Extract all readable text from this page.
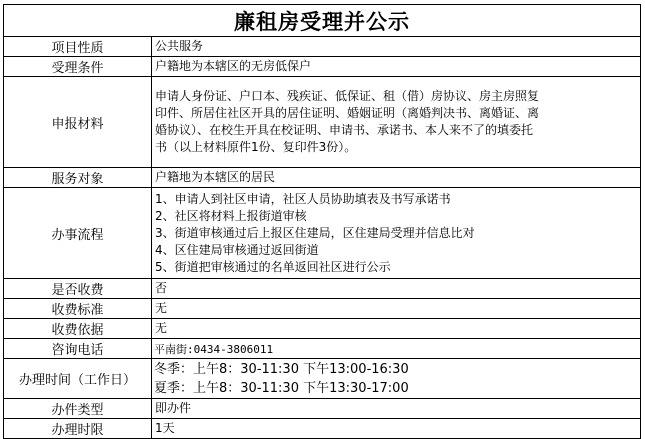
廉租房受理并公示	
项目性质	公共服务
受理条件	户籍地为本辖区的无房低保户
申报材料	申请人身份证、户口本、残疾证、低保证、租（借）房协议、房主房照复
印件、所居住社区开具的居住证明、婚姻证明（离婚判决书、离婚证、离
婚协议）、在校生开具在校证明、申请书、承诺书、本人来不了的填委托
书（以上材料原件1份、复印件3份）。

服务对象	户籍地为本辖区的居民
办事流程	1、申请人到社区申请，社区人员协助填表及书写承诺书
2、社区将材料上报街道审核
3、街道审核通过后上报区住建局，区住建局受理并信息比对
4、区住建局审核通过返回街道
5、街道把审核通过的名单返回社区进行公示

是否收费	否
收费标准	无
收费依据	无
咨询电话	平南街:0434-3806011
办理时间（工作日）	冬季：上午8：30-11:30 下午13:00-16:30
夏季：上午8：30-11:30 下午13:30-17:00

办件类型	即办件
办理时限	1天
